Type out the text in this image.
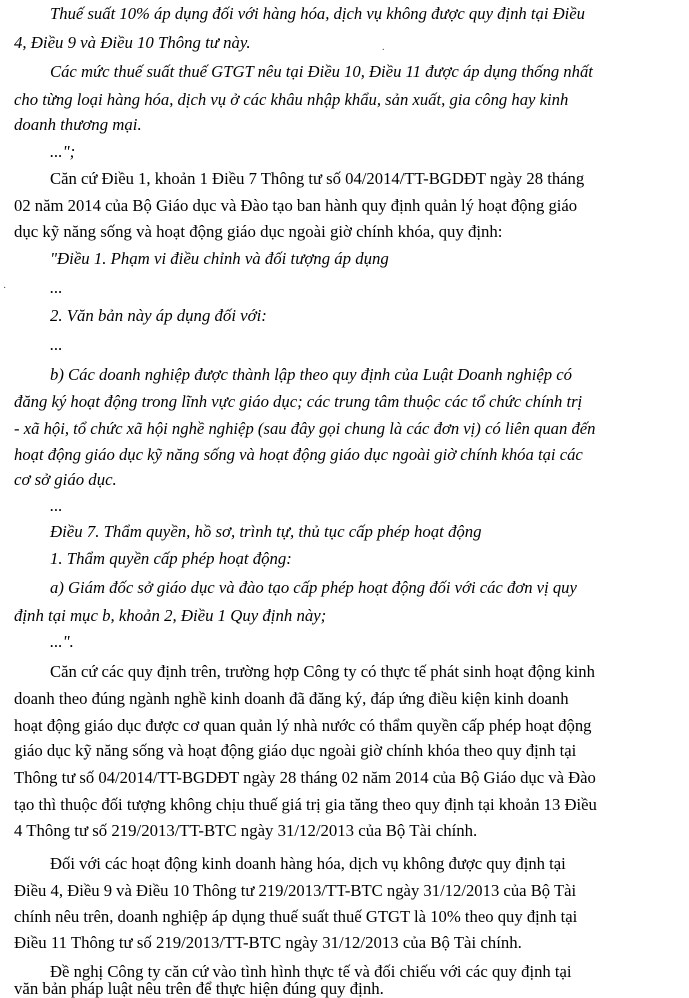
Thuế suất 10% áp dụng đối với hàng hóa, dịch vụ không được quy định tại Điều
4, Điều 9 và Điều 10 Thông tư này.	.
Các mức thuế suất thuế GTGT nêu tại Điều 10, Điều 11 được áp dụng thống nhất
cho từng loại hàng hóa, dịch vụ ở các khâu nhập khẩu, sản xuất, gia công hay kinh
doanh thương mại.
...";
Căn cứ Điều 1, khoản 1 Điều 7 Thông tư số 04/2014/TT-BGDĐT ngày 28 tháng
02 năm 2014 của Bộ Giáo dục và Đào tạo ban hành quy định quản lý hoạt động giáo
dục kỹ năng sống và hoạt động giáo dục ngoài giờ chính khóa, quy định:
"Điều 1. Phạm vi điều chỉnh và đối tượng áp dụng
·	...
2. Văn bản này áp dụng đối với:
...
b) Các doanh nghiệp được thành lập theo quy định của Luật Doanh nghiệp có
đăng ký hoạt động trong lĩnh vực giáo dục; các trung tâm thuộc các tổ chức chính trị
- xã hội, tổ chức xã hội nghề nghiệp (sau đây gọi chung là các đơn vị) có liên quan đến
hoạt động giáo dục kỹ năng sống và hoạt động giáo dục ngoài giờ chính khóa tại các
cơ sở giáo dục.
...
Điều 7. Thẩm quyền, hồ sơ, trình tự, thủ tục cấp phép hoạt động
1. Thẩm quyền cấp phép hoạt động:
a) Giám đốc sở giáo dục và đào tạo cấp phép hoạt động đối với các đơn vị quy
định tại mục b, khoản 2, Điều 1 Quy định này;
...".
Căn cứ các quy định trên, trường hợp Công ty có thực tế phát sinh hoạt động kinh
doanh theo đúng ngành nghề kinh doanh đã đăng ký, đáp ứng điều kiện kinh doanh
hoạt động giáo dục được cơ quan quản lý nhà nước có thẩm quyền cấp phép hoạt động
giáo dục kỹ năng sống và hoạt động giáo dục ngoài giờ chính khóa theo quy định tại
Thông tư số 04/2014/TT-BGDĐT ngày 28 tháng 02 năm 2014 của Bộ Giáo dục và Đào
tạo thì thuộc đối tượng không chịu thuế giá trị gia tăng theo quy định tại khoản 13 Điều
4 Thông tư số 219/2013/TT-BTC ngày 31/12/2013 của Bộ Tài chính.
Đối với các hoạt động kinh doanh hàng hóa, dịch vụ không được quy định tại
Điều 4, Điều 9 và Điều 10 Thông tư 219/2013/TT-BTC ngày 31/12/2013 của Bộ Tài
chính nêu trên, doanh nghiệp áp dụng thuế suất thuế GTGT là 10% theo quy định tại
Điều 11 Thông tư số 219/2013/TT-BTC ngày 31/12/2013 của Bộ Tài chính.
Đề nghị Công ty căn cứ vào tình hình thực tế và đối chiếu với các quy định tại
văn bản pháp luật nêu trên để thực hiện đúng quy định.
